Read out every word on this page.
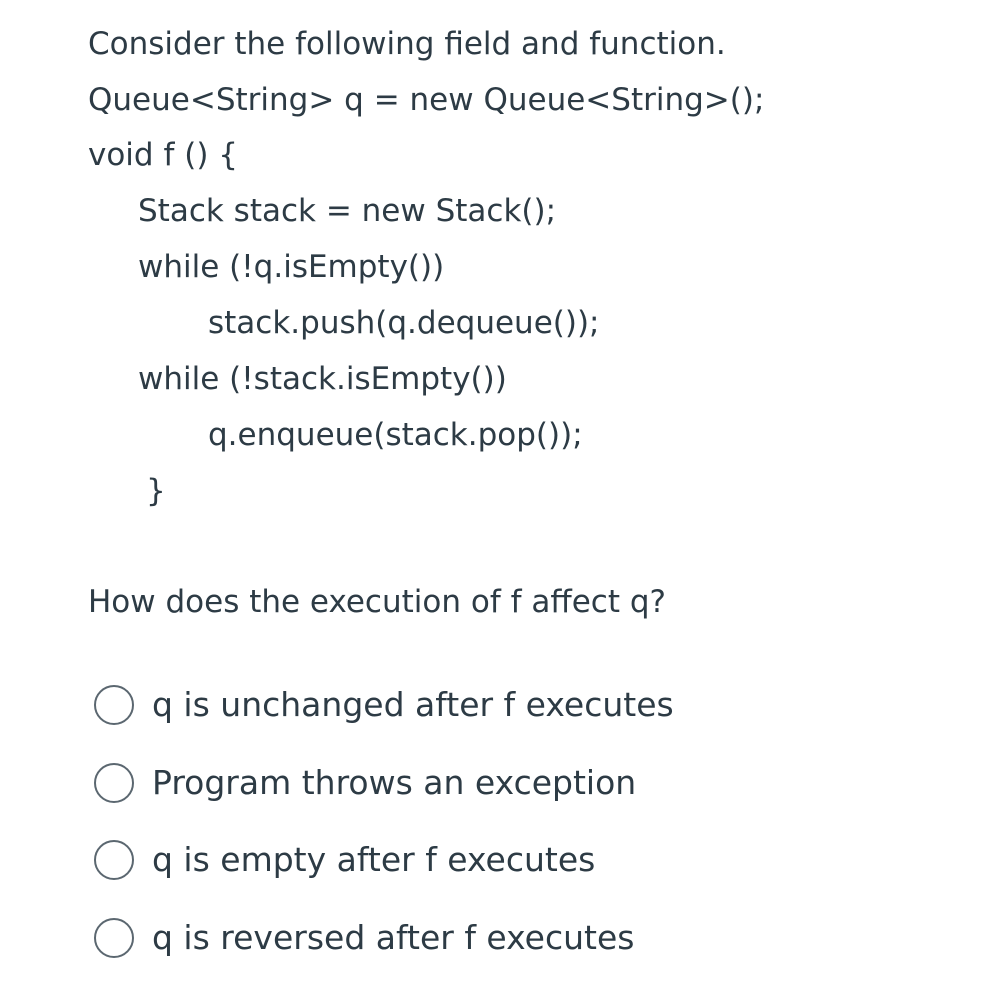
Consider the following field and function.
Queue<String> q = new Queue<String>();
void f () {
Stack stack = new Stack();
while (!q.isEmpty())
stack.push(q.dequeue());
while (!stack.isEmpty())
q.enqueue(stack.pop());
}
How does the execution of f affect q?
q is unchanged after f executes
Program throws an exception
q is empty after f executes
q is reversed after f executes
